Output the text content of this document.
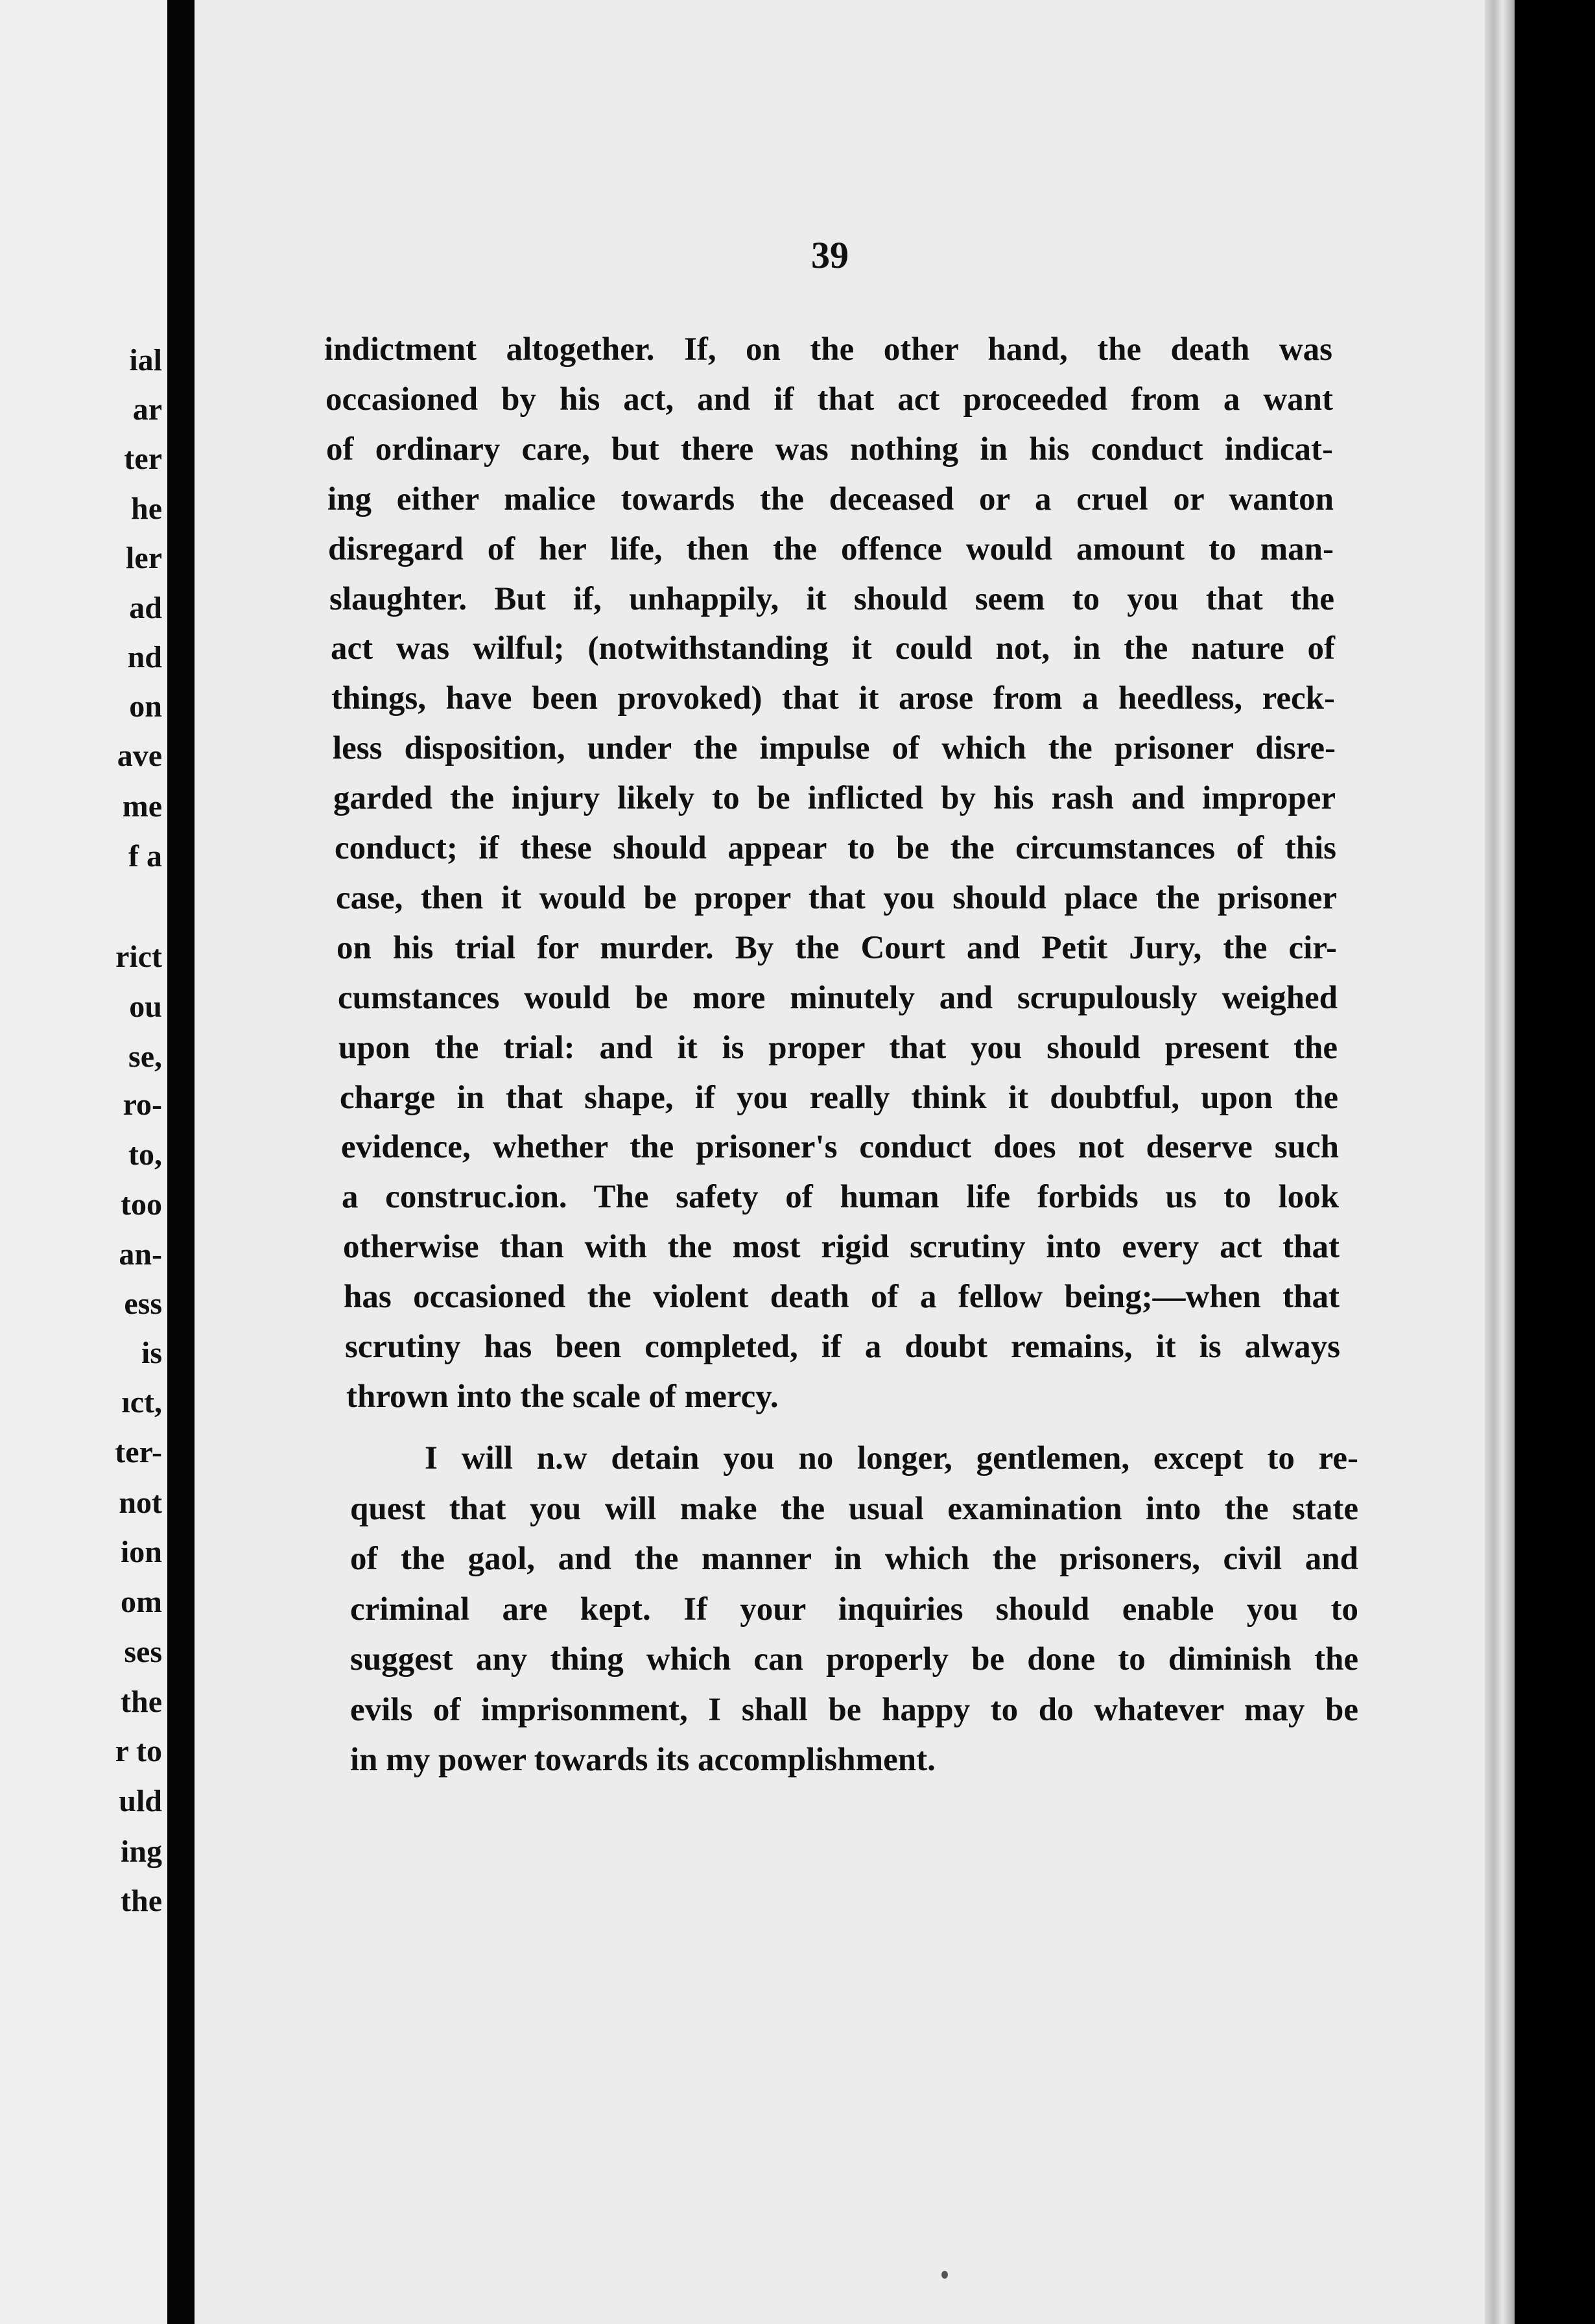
ial
ar
ter
he
ler
ad
nd
on
ave
me
f a
rict
ou
se,
ro-
to,
too
an-
ess
is
ıct,
ter-
not
ion
om
ses
the
r to
uld
ing
the
39
indictment altogether. If, on the other hand, the death was
occasioned by his act, and if that act proceeded from a want
of ordinary care, but there was nothing in his conduct indicat-
ing either malice towards the deceased or a cruel or wanton
disregard of her life, then the offence would amount to man-
slaughter. But if, unhappily, it should seem to you that the
act was wilful; (notwithstanding it could not, in the nature of
things, have been provoked) that it arose from a heedless, reck-
less disposition, under the impulse of which the prisoner disre-
garded the injury likely to be inflicted by his rash and improper
conduct; if these should appear to be the circumstances of this
case, then it would be proper that you should place the prisoner
on his trial for murder. By the Court and Petit Jury, the cir-
cumstances would be more minutely and scrupulously weighed
upon the trial: and it is proper that you should present the
charge in that shape, if you really think it doubtful, upon the
evidence, whether the prisoner's conduct does not deserve such
a construc.ion. The safety of human life forbids us to look
otherwise than with the most rigid scrutiny into every act that
has occasioned the violent death of a fellow being;—when that
scrutiny has been completed, if a doubt remains, it is always
thrown into the scale of mercy.
I will n.w detain you no longer, gentlemen, except to re-
quest that you will make the usual examination into the state
of the gaol, and the manner in which the prisoners, civil and
criminal are kept. If your inquiries should enable you to
suggest any thing which can properly be done to diminish the
evils of imprisonment, I shall be happy to do whatever may be
in my power towards its accomplishment.
